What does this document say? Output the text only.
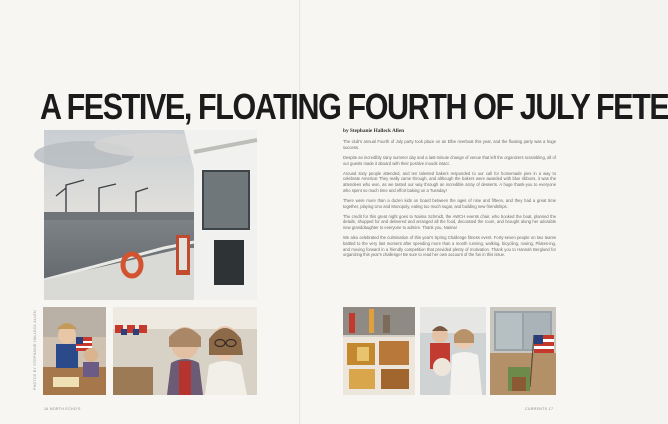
A FESTIVE, FLOATING FOURTH OF JULY FETE
PHOTOS BY STEPHANIE HALLECK ALLEN

by Stephanie Halleck Allen

The club's annual Fourth of July party took place on an Elbe riverboat this year, and the floating party was a huge success.

Despite an incredibly rainy summer day and a last-minute change of venue that left the organizers scrambling, all of our guests made it aboard with their positive moods intact.

Around sixty people attended, and ten talented bakers responded to our call for homemade pies in a way to celebrate America! They really came through, and although the bakers were awarded with blue ribbons, it was the attendees who won, as we tasted our way through an incredible array of desserts. A huge thank-you to everyone who spent so much time and effort baking on a Tuesday!

There were more than a dozen kids on board between the ages of nine and fifteen, and they had a great time together, playing Uno and Monopoly, eating too much sugar, and building new friendships.

The credit for this great night goes to Naima Schmidt, the AWCH events chair, who booked the boat, planned the details, shopped for and delivered and arranged all the food, decorated the room, and brought along her adorable new granddaughter to everyone to admire. Thank you, Naima!

We also celebrated the culmination of this year's Spring Challenge fitness event. Forty-seven people on two teams battled to the very last moment after spending more than a month running, walking, bicycling, rowing, Pilates-ing, and moving forward in a friendly competition that provided plenty of motivation. Thank you to Hannah Berglund for organizing this year's challenge! Be sure to read her own account of the fun in this issue.

16 NORTH ECHO'S	CURRENTS 17
